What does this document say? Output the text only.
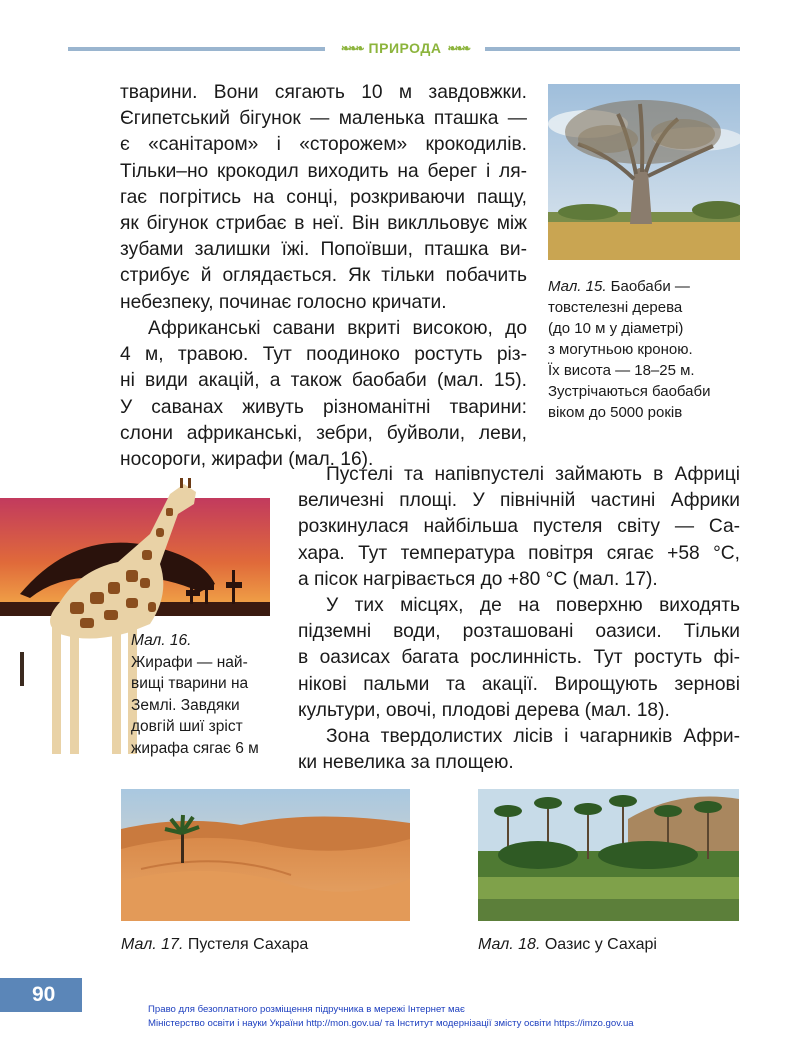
❧❧❧ ПРИРОДА ❧❧❧
тварини. Вони сягають 10 м завдовжки.
Єгипетський бігунок — маленька пташка —
є «санітаром» і «сторожем» крокодилів.
Тільки–но крокодил виходить на берег і ля-
гає погрітись на сонці, розкриваючи пащу,
як бігунок стрибає в неї. Він виклльовує між
зубами залишки їжі. Попоївши, пташка ви-
стрибує й оглядається. Як тільки побачить
небезпеку, починає голосно кричати.
Африканські савани вкриті високою, до
4 м, травою. Тут поодиноко ростуть різ-
ні види акацій, а також баобаби (мал. 15).
У саванах живуть різноманітні тварини:
слони африканські, зебри, буйволи, леви,
носороги, жирафи (мал. 16).
Мал. 15. Баобаби —
товстелезні дерева
(до 10 м у діаметрі)
з могутньою кроною.
Їх висота — 18–25 м.
Зустрічаються баобаби
віком до 5000 років
Мал. 16.
Жирафи — най-
вищі тварини на
Землі. Завдяки
довгій шиї зріст
жирафа сягає 6 м
Пустелі та напівпустелі займають в Африці
величезні площі. У північній частині Африки
розкинулася найбільша пустеля світу — Са-
хара. Тут температура повітря сягає +58 °С,
а пісок нагрівається до +80 °С (мал. 17).
У тих місцях, де на поверхню виходять
підземні води, розташовані оазиси. Тільки
в оазисах багата рослинність. Тут ростуть фі-
нікові пальми та акації. Вирощують зернові
культури, овочі, плодові дерева (мал. 18).
Зона твердолистих лісів і чагарників Афри-
ки невелика за площею.
Мал. 17. Пустеля Сахара	Мал. 18. Оазис у Сахарі
90
Право для безоплатного розміщення підручника в мережі Інтернет має
Міністерство освіти і науки України http://mon.gov.ua/ та Інститут модернізації змісту освіти https://imzo.gov.ua
